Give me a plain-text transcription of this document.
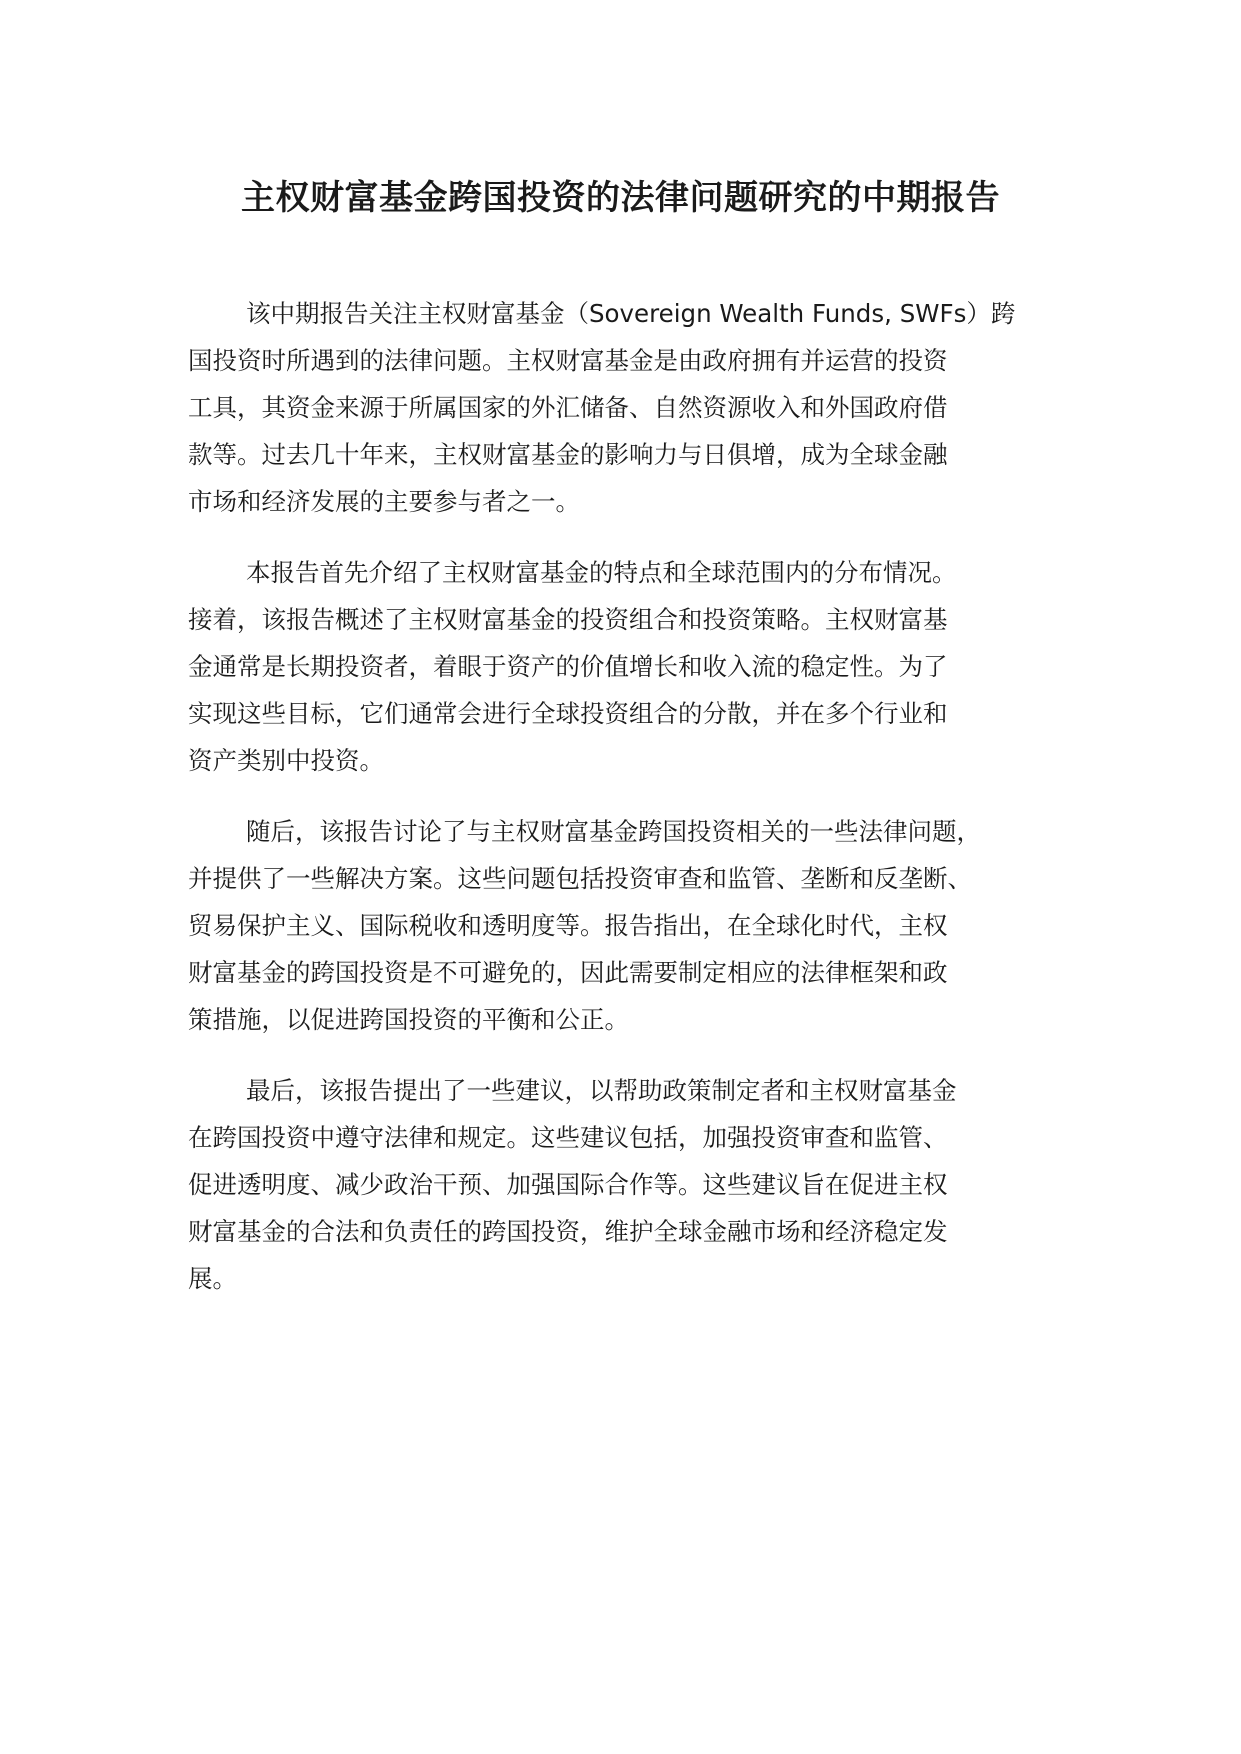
主权财富基金跨国投资的法律问题研究的中期报告

该中期报告关注主权财富基金（Sovereign Wealth Funds, SWFs）跨
国投资时所遇到的法律问题。主权财富基金是由政府拥有并运营的投资
工具，其资金来源于所属国家的外汇储备、自然资源收入和外国政府借
款等。过去几十年来，主权财富基金的影响力与日俱增，成为全球金融
市场和经济发展的主要参与者之一。

本报告首先介绍了主权财富基金的特点和全球范围内的分布情况。
接着，该报告概述了主权财富基金的投资组合和投资策略。主权财富基
金通常是长期投资者，着眼于资产的价值增长和收入流的稳定性。为了
实现这些目标，它们通常会进行全球投资组合的分散，并在多个行业和
资产类别中投资。

随后，该报告讨论了与主权财富基金跨国投资相关的一些法律问题，
并提供了一些解决方案。这些问题包括投资审查和监管、垄断和反垄断、
贸易保护主义、国际税收和透明度等。报告指出，在全球化时代，主权
财富基金的跨国投资是不可避免的，因此需要制定相应的法律框架和政
策措施，以促进跨国投资的平衡和公正。

最后，该报告提出了一些建议，以帮助政策制定者和主权财富基金
在跨国投资中遵守法律和规定。这些建议包括，加强投资审查和监管、
促进透明度、减少政治干预、加强国际合作等。这些建议旨在促进主权
财富基金的合法和负责任的跨国投资，维护全球金融市场和经济稳定发
展。
